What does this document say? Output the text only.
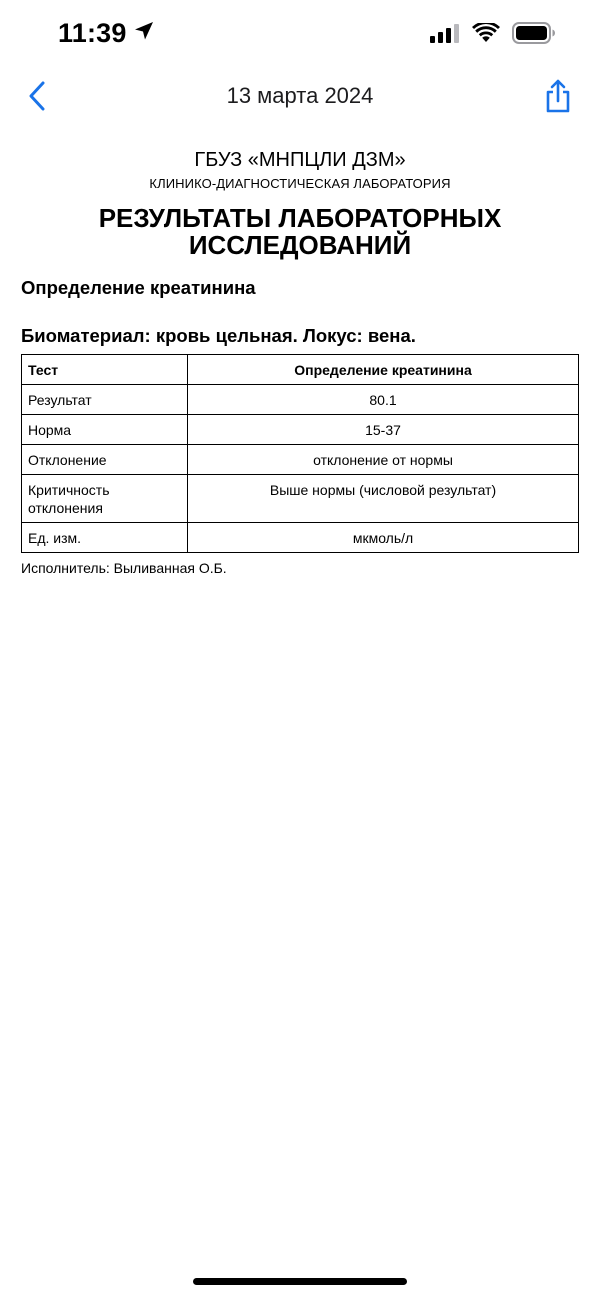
11:39
13 марта 2024
ГБУЗ «МНПЦЛИ ДЗМ»
КЛИНИКО-ДИАГНОСТИЧЕСКАЯ ЛАБОРАТОРИЯ
РЕЗУЛЬТАТЫ ЛАБОРАТОРНЫХ ИССЛЕДОВАНИЙ
Определение креатинина
Биоматериал: кровь цельная. Локус: вена.
Тест	Определение креатинина
Результат	80.1
Норма	15-37
Отклонение	отклонение от нормы
Критичность отклонения	Выше нормы (числовой результат)
Ед. изм.	мкмоль/л
Исполнитель: Выливанная О.Б.
